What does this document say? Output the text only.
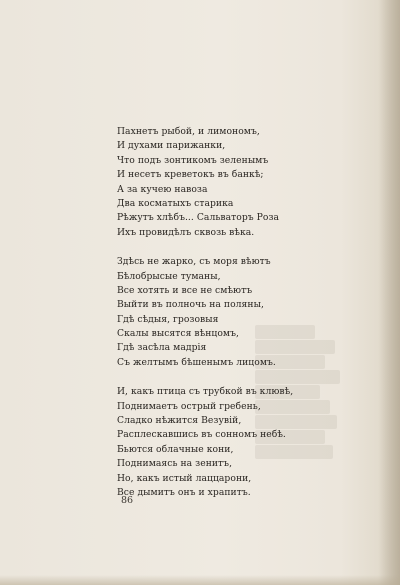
Пахнетъ рыбой, и лимономъ,
И духами парижанки,
Что подъ зонтикомъ зеленымъ
И несетъ креветокъ въ банкѣ;
А за кучею навоза
Два косматыхъ старика
Рѣжутъ хлѣбъ... Сальваторъ Роза
Ихъ провидѣлъ сквозь вѣка.
Здѣсь не жарко, съ моря вѣютъ
Бѣлобрысые туманы,
Все хотять и все не смѣютъ
Выйти въ полночь на поляны,
Гдѣ сѣдыя, грозовыя
Скалы высятся вѣнцомъ,
Гдѣ засѣла мадрія
Съ желтымъ бѣшенымъ лицомъ.
И, какъ птица съ трубкой въ клювѣ,
Поднимаетъ острый гребень,
Сладко нѣжится Везувій,
Расплескавшись въ сонномъ небѣ.
Бьются облачные кони,
Поднимаясь на зенитъ,
Но, какъ истый лаццарони,
Все дымитъ онъ и храпитъ.
86
